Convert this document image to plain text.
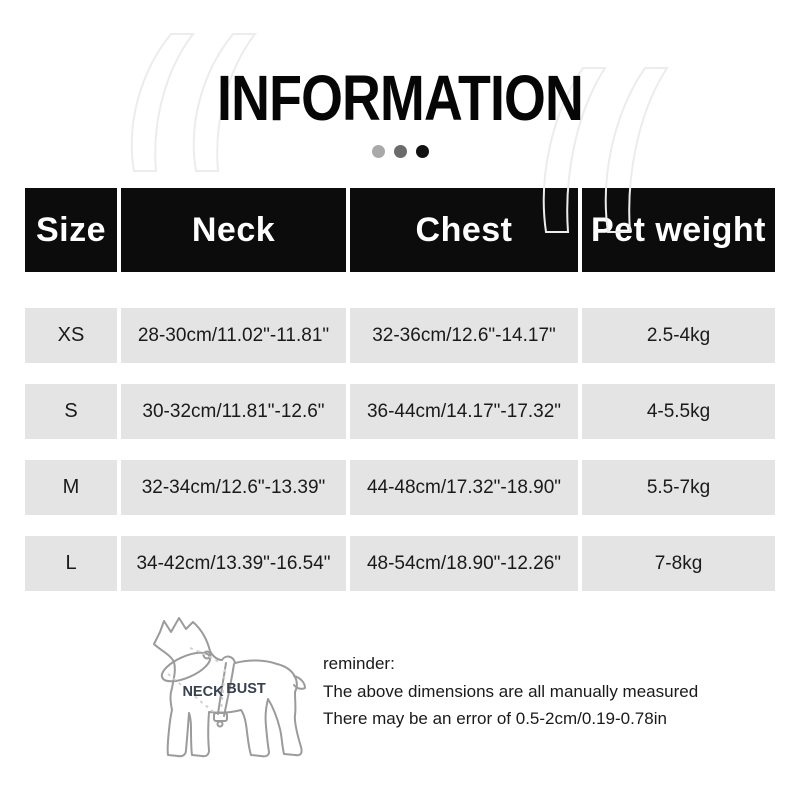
INFORMATION
Size	Neck	Chest	Pet weight
XS	28-30cm/11.02"-11.81"	32-36cm/12.6"-14.17"	2.5-4kg
S	30-32cm/11.81"-12.6"	36-44cm/14.17"-17.32"	4-5.5kg
M	32-34cm/12.6"-13.39"	44-48cm/17.32"-18.90"	5.5-7kg
L	34-42cm/13.39"-16.54"	48-54cm/18.90"-12.26"	7-8kg
NECK BUST
reminder:
The above dimensions are all manually measured
There may be an error of 0.5-2cm/0.19-0.78in
